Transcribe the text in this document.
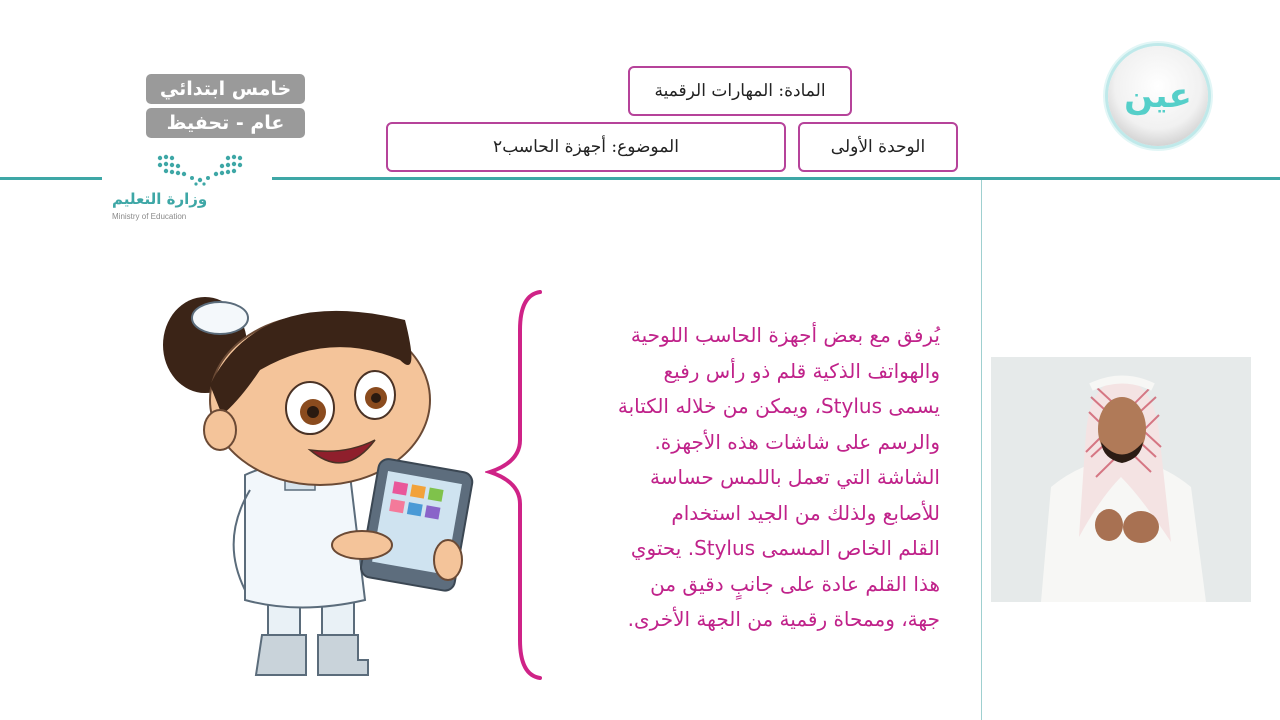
خامس ابتدائي
عام - تحفيظ
وزارة التعليم
Ministry of Education
المادة: المهارات الرقمية
الوحدة الأولى
الموضوع: أجهزة الحاسب٢
عين
يُرفق مع بعض أجهزة الحاسب اللوحية
والهواتف الذكية قلم ذو رأس رفيع
يسمى Stylus، ويمكن من خلاله الكتابة
والرسم على شاشات هذه الأجهزة.
الشاشة التي تعمل باللمس حساسة
للأصابع ولذلك من الجيد استخدام
القلم الخاص المسمى Stylus. يحتوي
هذا القلم عادة على جانبٍ دقيق من
جهة، وممحاة رقمية من الجهة الأخرى.
